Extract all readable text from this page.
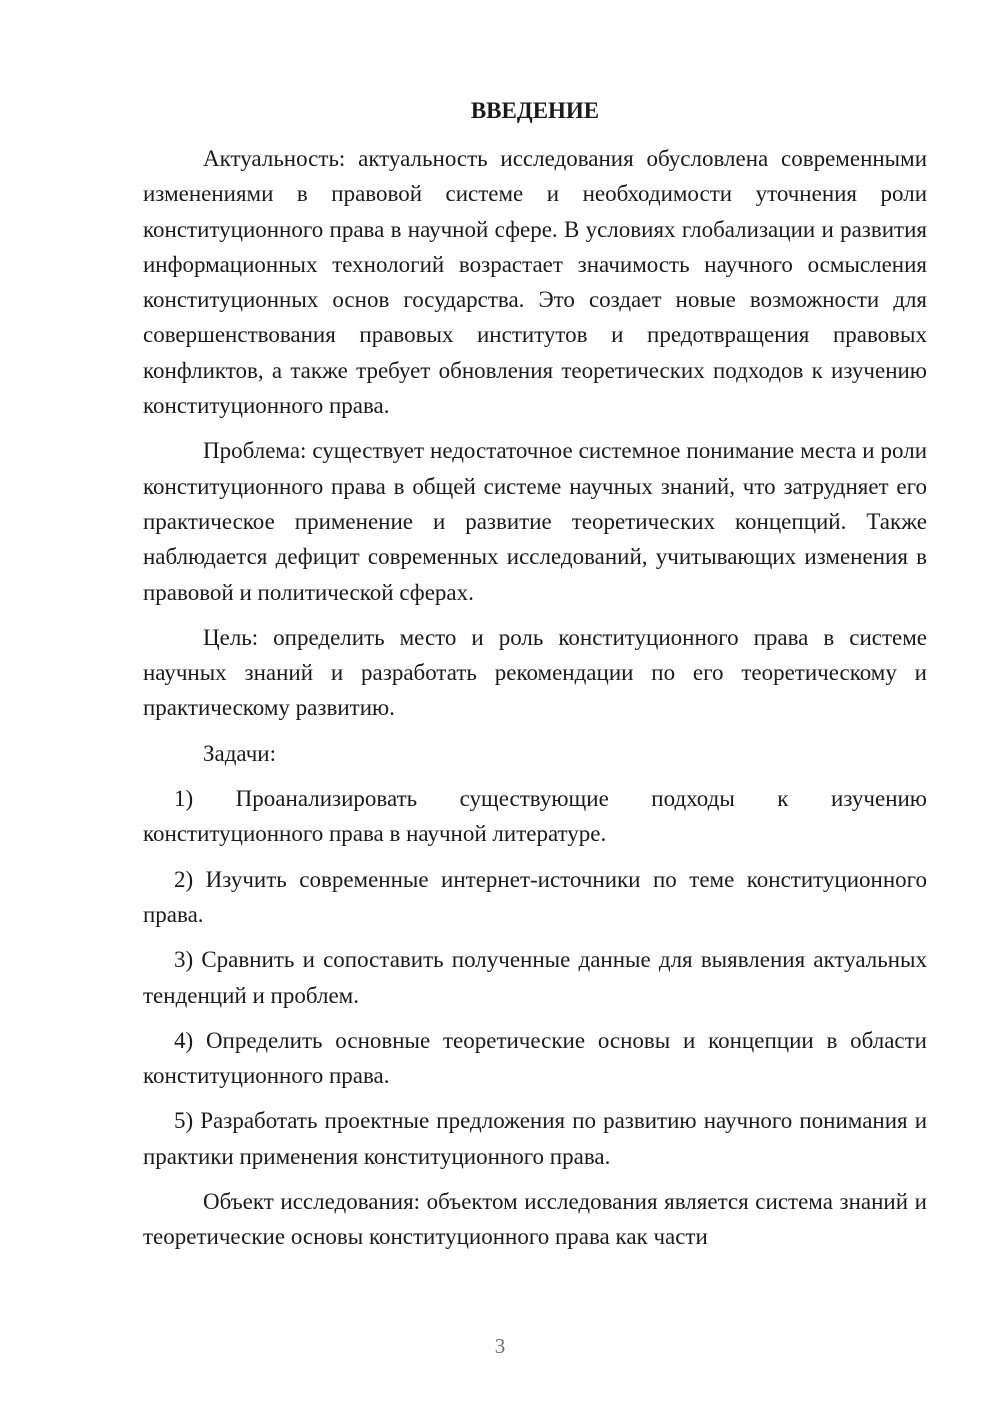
ВВЕДЕНИЕ

Актуальность: актуальность исследования обусловлена современными изменениями в правовой системе и необходимости уточнения роли конституционного права в научной сфере. В условиях глобализации и развития информационных технологий возрастает значимость научного осмысления конституционных основ государства. Это создает новые возможности для совершенствования правовых институтов и предотвращения правовых конфликтов, а также требует обновления теоретических подходов к изучению конституционного права.

Проблема: существует недостаточное системное понимание места и роли конституционного права в общей системе научных знаний, что затрудняет его практическое применение и развитие теоретических концепций. Также наблюдается дефицит современных исследований, учитывающих изменения в правовой и политической сферах.

Цель: определить место и роль конституционного права в системе научных знаний и разработать рекомендации по его теоретическому и практическому развитию.

Задачи:

1) Проанализировать существующие подходы к изучению конституционного права в научной литературе.

2) Изучить современные интернет-источники по теме конституционного права.

3) Сравнить и сопоставить полученные данные для выявления актуальных тенденций и проблем.

4) Определить основные теоретические основы и концепции в области конституционного права.

5) Разработать проектные предложения по развитию научного понимания и практики применения конституционного права.

Объект исследования: объектом исследования является система знаний и теоретические основы конституционного права как части

3
